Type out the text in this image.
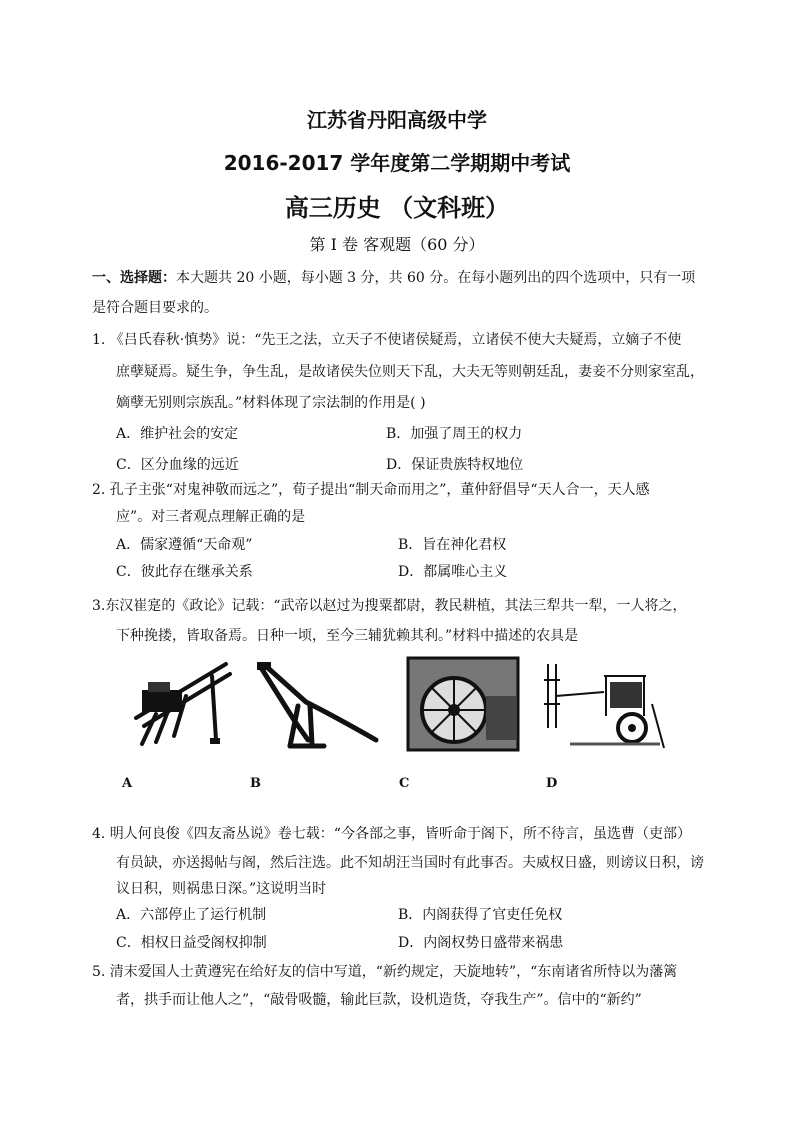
江苏省丹阳高级中学
2016-2017 学年度第二学期期中考试
高三历史 （文科班）
第 I 卷 客观题（60 分）
一、选择题：本大题共 20 小题，每小题 3 分，共 60 分。在每小题列出的四个选项中，只有一项
是符合题目要求的。
1. 《吕氏春秋·慎势》说：“先王之法，立天子不使诸侯疑焉，立诸侯不使大夫疑焉，立嫡子不使
庶孽疑焉。疑生争，争生乱，是故诸侯失位则天下乱，大夫无等则朝廷乱，妻妾不分则家室乱，
嫡孽无别则宗族乱。”材料体现了宗法制的作用是( )
A．维护社会的安定	B．加强了周王的权力
C．区分血缘的远近	D．保证贵族特权地位
2. 孔子主张“对鬼神敬而远之”，荀子提出“制天命而用之”，董仲舒倡导“天人合一，天人感
应”。对三者观点理解正确的是
A．儒家遵循“天命观”	B．旨在神化君权
C．彼此存在继承关系	D．都属唯心主义
3.东汉崔寔的《政论》记载：“武帝以赵过为搜粟都尉，教民耕植，其法三犁共一犁，一人将之，
下种挽搂，皆取备焉。日种一顷，至今三辅犹赖其利。”材料中描述的农具是
A	B	C	D
4. 明人何良俊《四友斋丛说》卷七载：“今各部之事，皆听命于阁下，所不待言，虽选曹（吏部）
有员缺，亦送揭帖与阁，然后注选。此不知胡汪当国时有此事否。夫威权日盛，则谤议日积，谤
议日积，则祸患日深。”这说明当时
A．六部停止了运行机制	B．内阁获得了官吏任免权
C．相权日益受阁权抑制	D．内阁权势日盛带来祸患
5. 清末爱国人士黄遵宪在给好友的信中写道，“新约规定，天旋地转”，“东南诸省所恃以为藩篱
者，拱手而让他人之”，“敲骨吸髓，输此巨款，设机造货，夺我生产”。信中的“新约”
